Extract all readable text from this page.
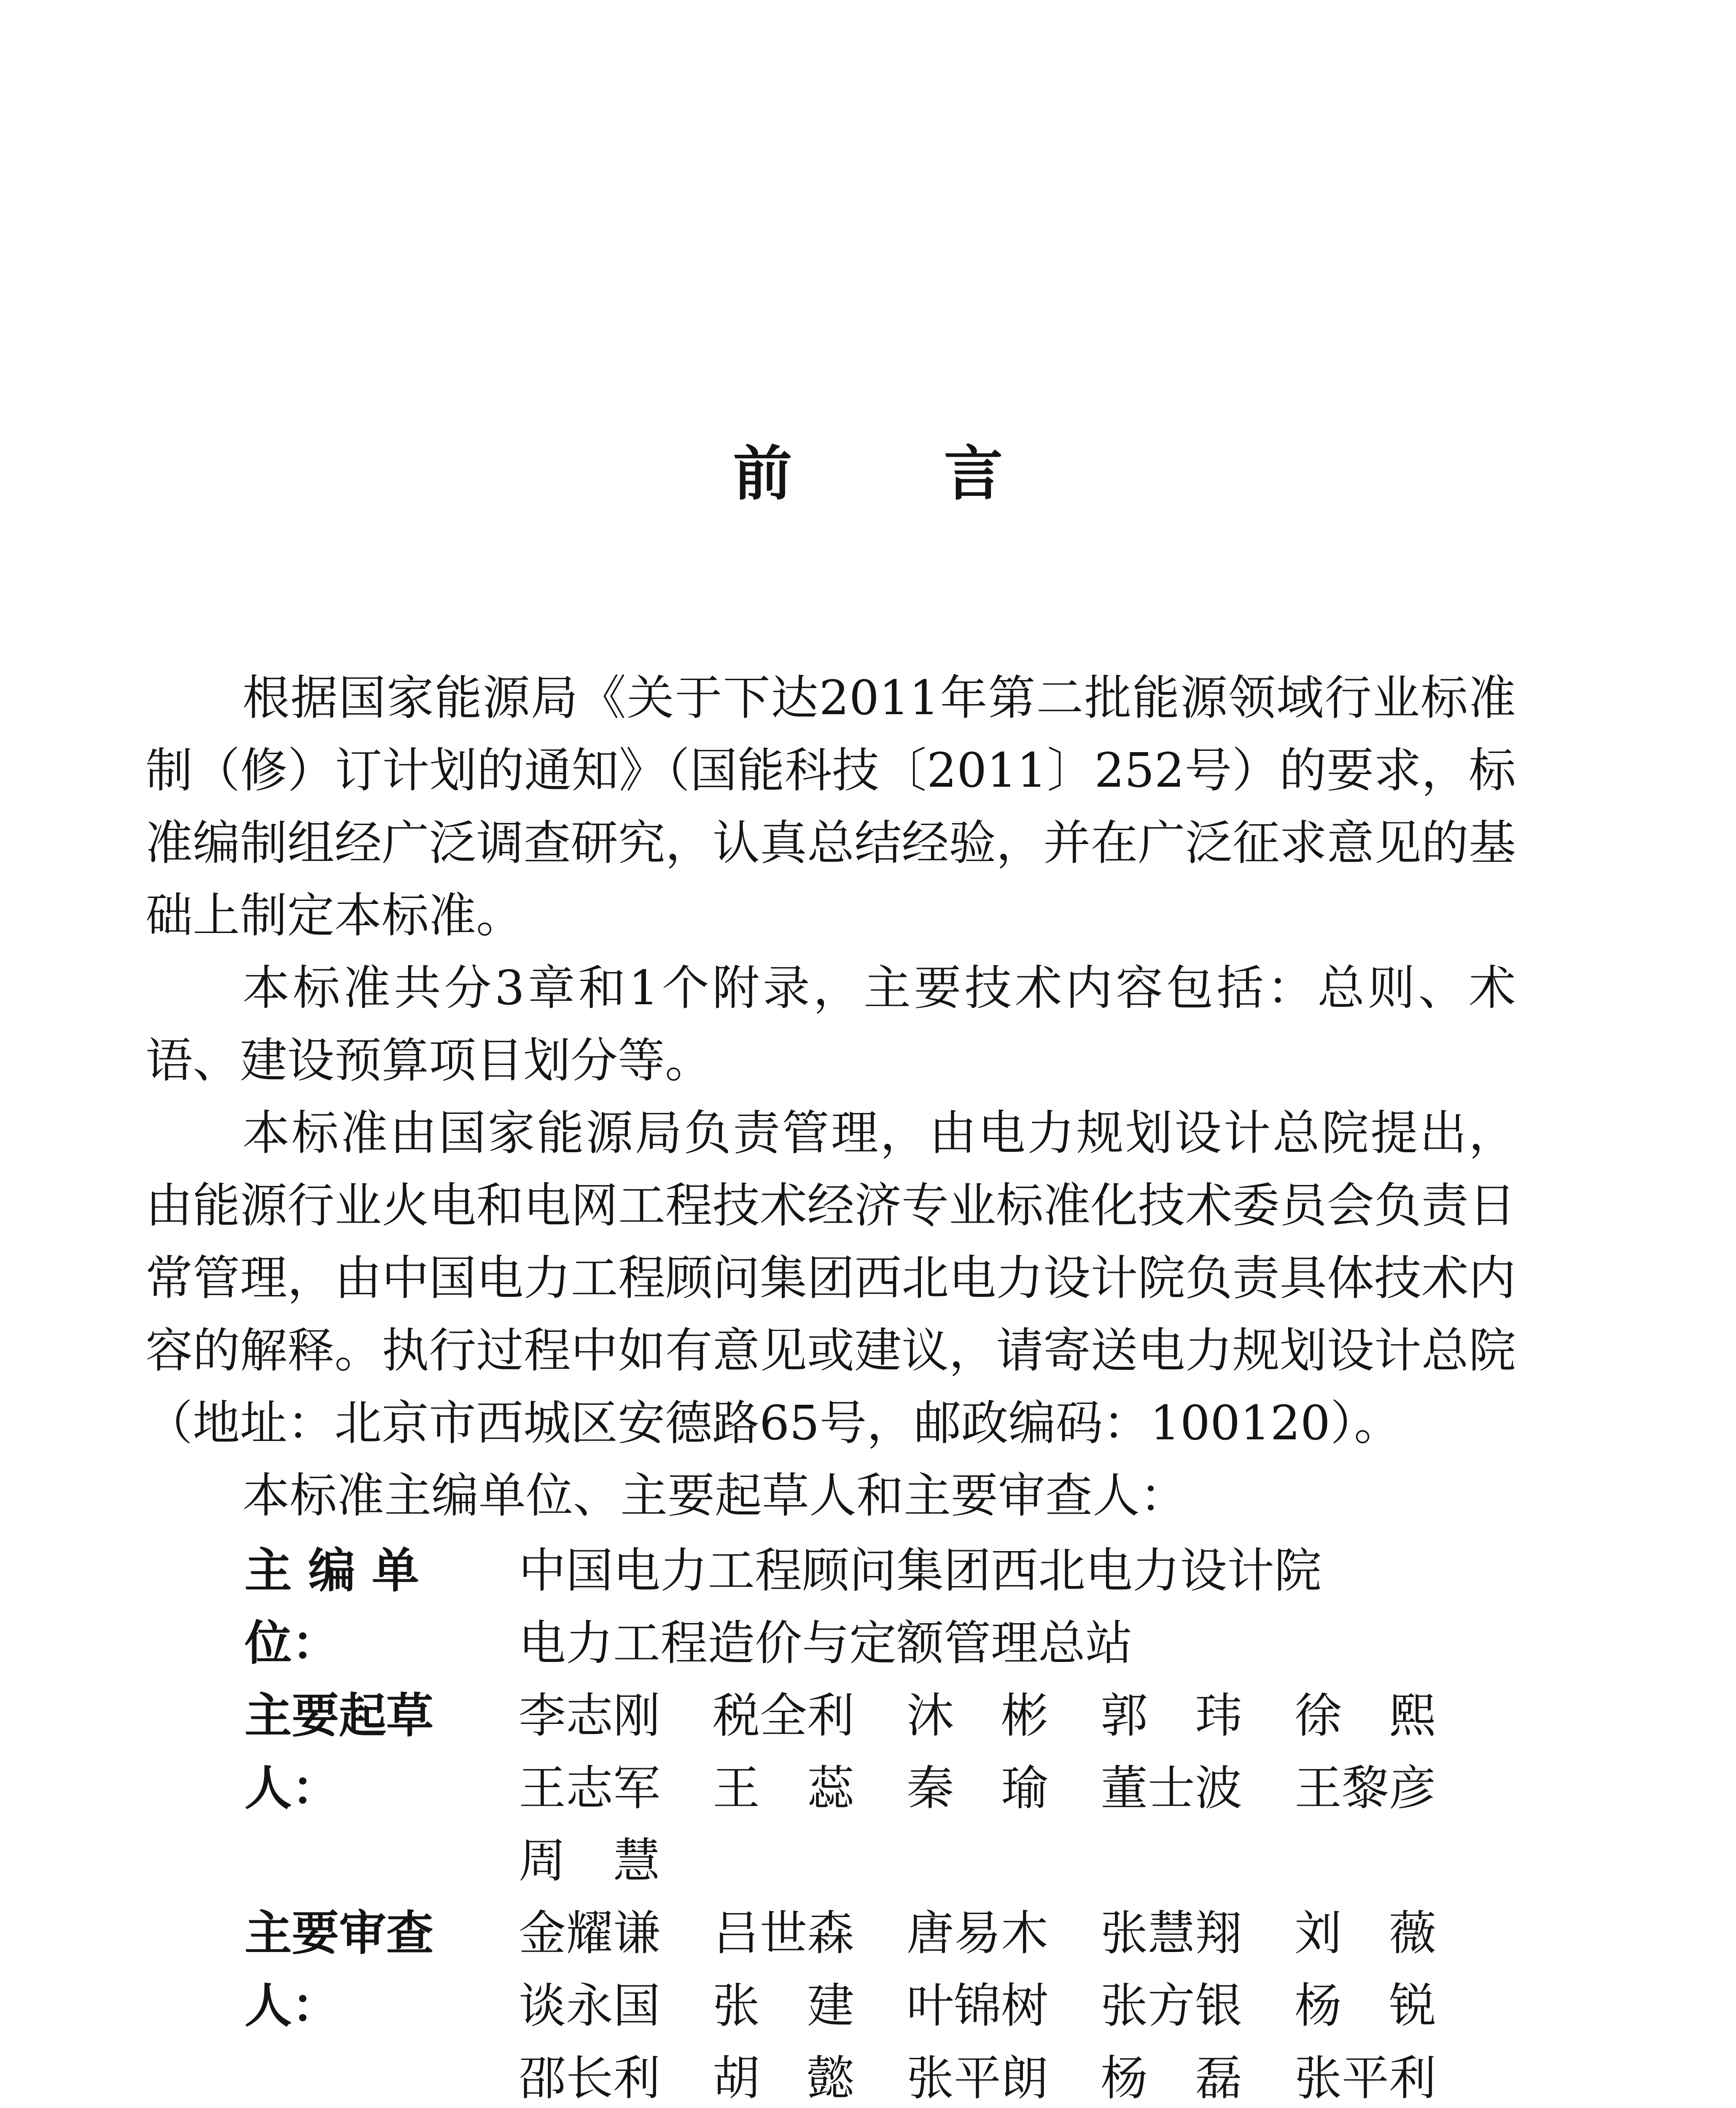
前言

根据国家能源局《关于下达2011年第二批能源领域行业标准制（修）订计划的通知》（国能科技〔2011〕252号）的要求，标准编制组经广泛调查研究，认真总结经验，并在广泛征求意见的基础上制定本标准。

本标准共分3章和1个附录，主要技术内容包括：总则、术语、建设预算项目划分等。

本标准由国家能源局负责管理，由电力规划设计总院提出，由能源行业火电和电网工程技术经济专业标准化技术委员会负责日常管理，由中国电力工程顾问集团西北电力设计院负责具体技术内容的解释。执行过程中如有意见或建议，请寄送电力规划设计总院（地址：北京市西城区安德路65号，邮政编码：100120）。

本标准主编单位、主要起草人和主要审查人：

主 编 单 位：
中国电力工程顾问集团西北电力设计院
电力工程造价与定额管理总站
主要起草人：
李志刚	税全利	沐　彬	郭　玮	徐　熙
王志军	王　蕊	秦　瑜	董士波	王黎彦
周　慧
主要审查人：
金耀谦	吕世森	唐易木	张慧翔	刘　薇
谈永国	张　建	叶锦树	张方银	杨　锐
邵长利	胡　懿	张平朗	杨　磊	张平利
